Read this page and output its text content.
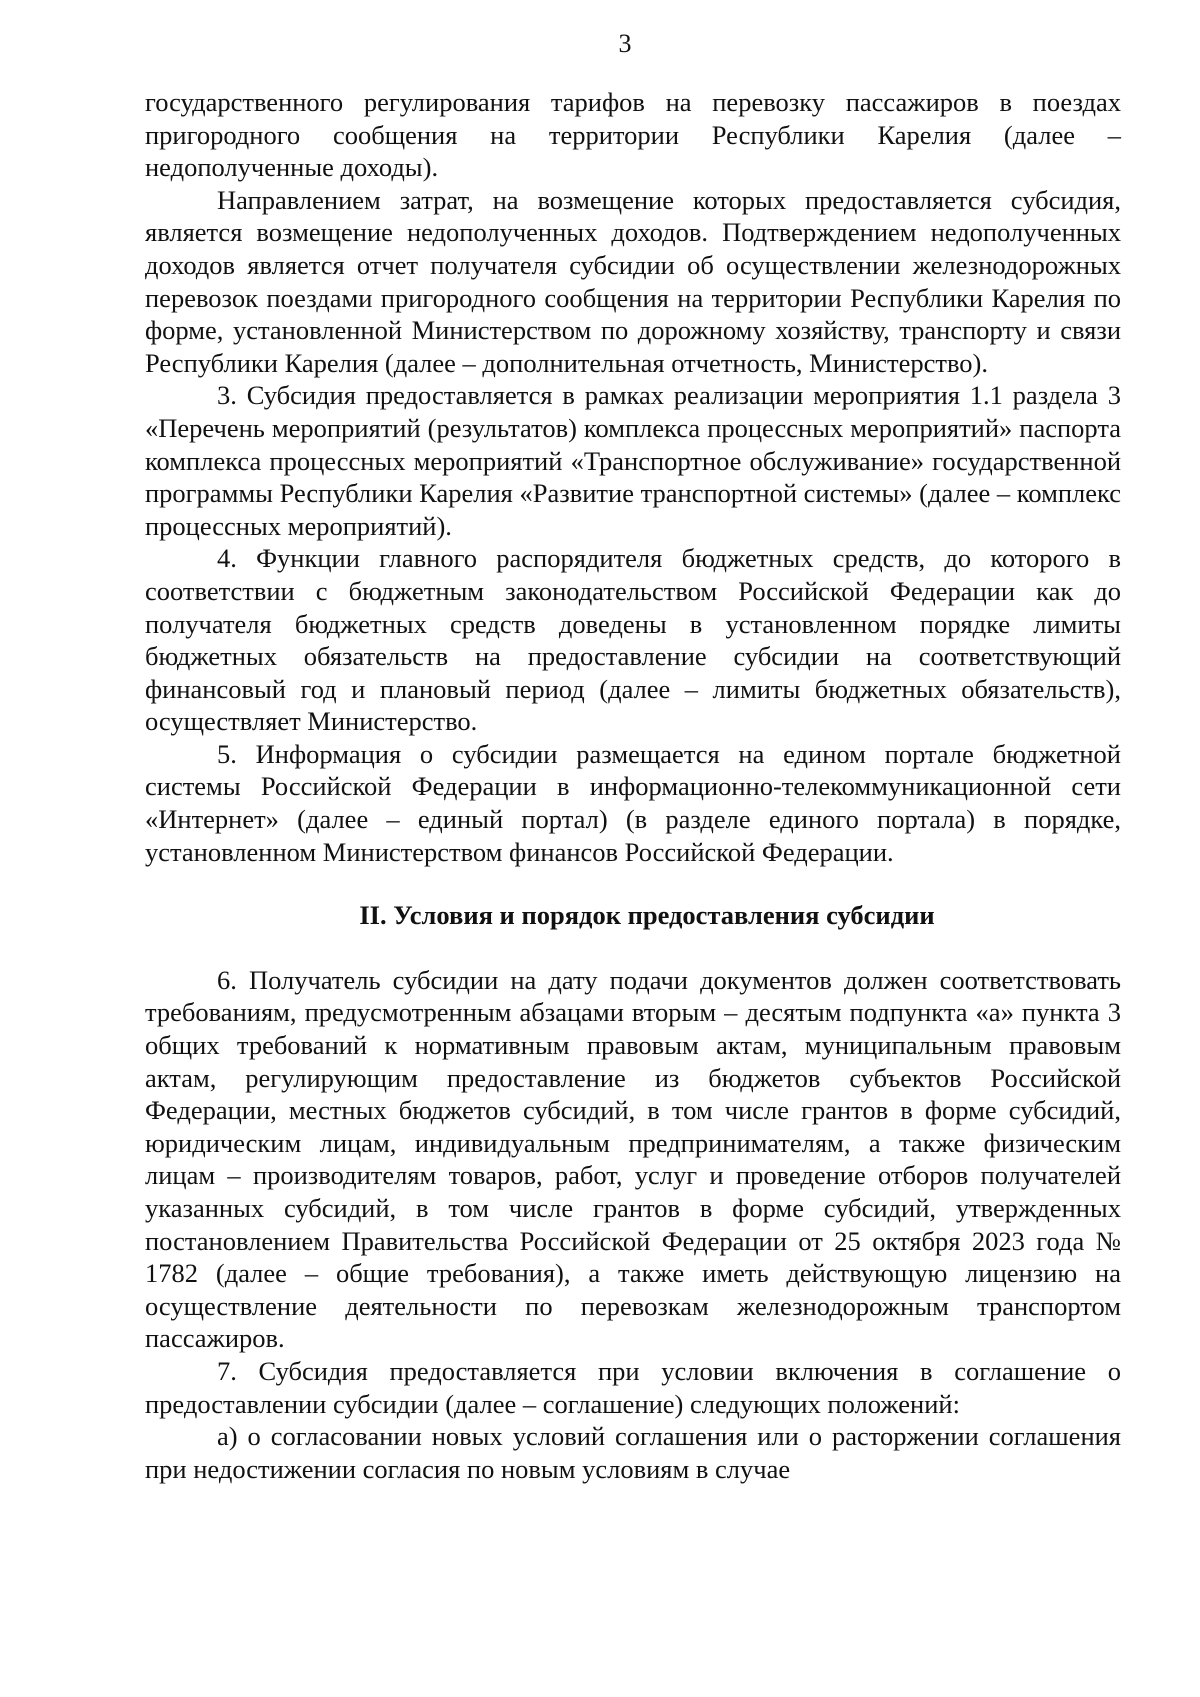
3

государственного регулирования тарифов на перевозку пассажиров в поездах пригородного сообщения на территории Республики Карелия (далее – недополученные доходы).

Направлением затрат, на возмещение которых предоставляется субсидия, является возмещение недополученных доходов. Подтверждением недополученных доходов является отчет получателя субсидии об осуществлении железнодорожных перевозок поездами пригородного сообщения на территории Республики Карелия по форме, установленной Министерством по дорожному хозяйству, транспорту и связи Республики Карелия (далее – дополнительная отчетность, Министерство).

3. Субсидия предоставляется в рамках реализации мероприятия 1.1 раздела 3 «Перечень мероприятий (результатов) комплекса процессных мероприятий» паспорта комплекса процессных мероприятий «Транспортное обслуживание» государственной программы Республики Карелия «Развитие транспортной системы» (далее – комплекс процессных мероприятий).

4. Функции главного распорядителя бюджетных средств, до которого в соответствии с бюджетным законодательством Российской Федерации как до получателя бюджетных средств доведены в установленном порядке лимиты бюджетных обязательств на предоставление субсидии на соответствующий финансовый год и плановый период (далее – лимиты бюджетных обязательств), осуществляет Министерство.

5. Информация о субсидии размещается на едином портале бюджетной системы Российской Федерации в информационно-телекоммуникационной сети «Интернет» (далее – единый портал) (в разделе единого портала) в порядке, установленном Министерством финансов Российской Федерации.

II. Условия и порядок предоставления субсидии

6. Получатель субсидии на дату подачи документов должен соответствовать требованиям, предусмотренным абзацами вторым – десятым подпункта «а» пункта 3 общих требований к нормативным правовым актам, муниципальным правовым актам, регулирующим предоставление из бюджетов субъектов Российской Федерации, местных бюджетов субсидий, в том числе грантов в форме субсидий, юридическим лицам, индивидуальным предпринимателям, а также физическим лицам – производителям товаров, работ, услуг и проведение отборов получателей указанных субсидий, в том числе грантов в форме субсидий, утвержденных постановлением Правительства Российской Федерации от 25 октября 2023 года № 1782 (далее – общие требования), а также иметь действующую лицензию на осуществление деятельности по перевозкам железнодорожным транспортом пассажиров.

7. Субсидия предоставляется при условии включения в соглашение о предоставлении субсидии (далее – соглашение) следующих положений:

а) о согласовании новых условий соглашения или о расторжении соглашения при недостижении согласия по новым условиям в случае
